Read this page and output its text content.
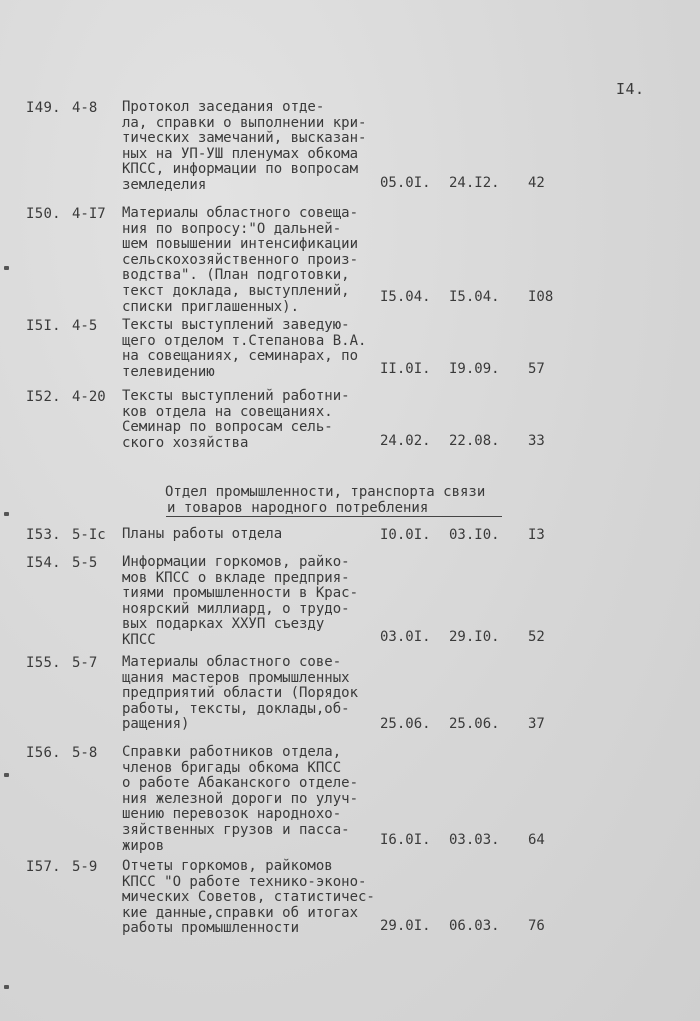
I4.
I49. 4-8	Протокол заседания отде-
ла, справки о выполнении кри-
тических замечаний, высказан-
ных на УП-УШ пленумах обкома
КПСС, информации по вопросам
земледелия	05.0I. 24.I2. 42
I50. 4-I7	Материалы областного совеща-
ния по вопросу:"О дальней-
шем повышении интенсификации
сельскохозяйственного произ-
водства". (План подготовки,
текст доклада, выступлений,
списки приглашенных).
I5.04. I5.04. I08
I5I. 4-5	Тексты выступлений заведую-
щего отделом т.Степанова В.А.
на совещаниях, семинарах, по
телевидению	II.0I. I9.09. 57
I52. 4-20	Тексты выступлений работни-
ков отдела на совещаниях.
Семинар по вопросам сель-
ского хозяйства	24.02. 22.08. 33
Отдел промышленности, транспорта связи
и товаров народного потребления
I53. 5-Iс	Планы работы отдела	I0.0I. 03.I0. I3
I54. 5-5	Информации горкомов, райко-
мов КПСС о вкладе предприя-
тиями промышленности в Крас-
ноярский миллиард, о трудо-
вых подарках ХХУП съезду
КПСС	03.0I. 29.I0. 52
I55. 5-7	Материалы областного сове-
щания мастеров промышленных
предприятий области (Порядок
работы, тексты, доклады,об-
ращения)	25.06. 25.06. 37
I56. 5-8	Справки работников отдела,
членов бригады обкома КПСС
о работе Абаканского отделе-
ния железной дороги по улуч-
шению перевозок народнохо-
зяйственных грузов и пасса-
жиров	I6.0I. 03.03. 64
I57. 5-9	Отчеты горкомов, райкомов
КПСС "О работе технико-эконо-
мических Советов, статистичес-
кие данные,справки об итогах
работы промышленности	29.0I. 06.03. 76
